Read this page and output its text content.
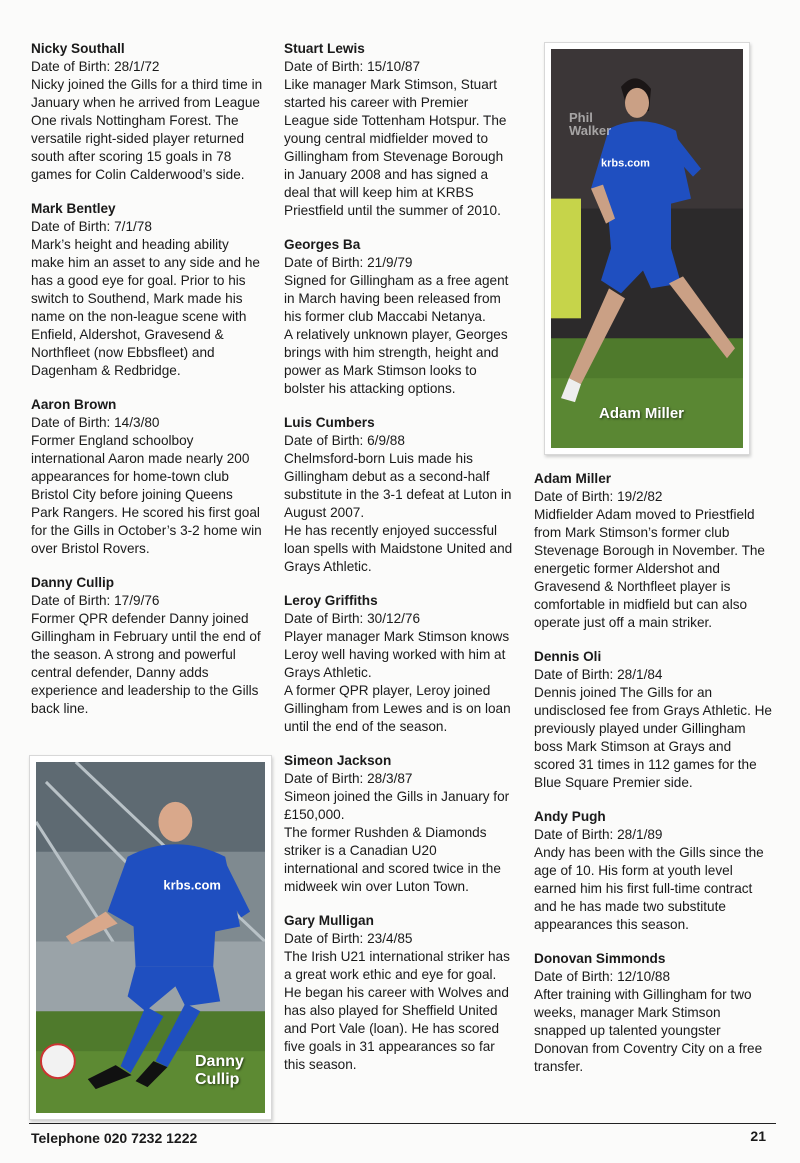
Nicky Southall
Date of Birth: 28/1/72

Nicky joined the Gills for a third time in January when he arrived from League One rivals Nottingham Forest. The versatile right-sided player returned south after scoring 15 goals in 78 games for Colin Calderwood’s side.

Mark Bentley
Date of Birth: 7/1/78

Mark’s height and heading ability make him an asset to any side and he has a good eye for goal. Prior to his switch to Southend, Mark made his name on the non-league scene with Enfield, Aldershot, Gravesend & Northfleet (now Ebbsfleet) and Dagenham & Redbridge.

Aaron Brown
Date of Birth: 14/3/80

Former England schoolboy international Aaron made nearly 200 appearances for home-town club Bristol City before joining Queens Park Rangers. He scored his first goal for the Gills in October’s 3-2 home win over Bristol Rovers.

Danny Cullip
Date of Birth: 17/9/76

Former QPR defender Danny joined Gillingham in February until the end of the season. A strong and powerful central defender, Danny adds experience and leadership to the Gills back line.

Stuart Lewis
Date of Birth: 15/10/87

Like manager Mark Stimson, Stuart started his career with Premier League side Tottenham Hotspur. The young central midfielder moved to Gillingham from Stevenage Borough in January 2008 and has signed a deal that will keep him at KRBS Priestfield until the summer of 2010.

Georges Ba
Date of Birth: 21/9/79

Signed for Gillingham as a free agent in March having been released from his former club Maccabi Netanya.

A relatively unknown player, Georges brings with him strength, height and power as Mark Stimson looks to bolster his attacking options.

Luis Cumbers
Date of Birth: 6/9/88

Chelmsford-born Luis made his Gillingham debut as a second-half substitute in the 3-1 defeat at Luton in August 2007.

He has recently enjoyed successful loan spells with Maidstone United and Grays Athletic.

Leroy Griffiths
Date of Birth: 30/12/76

Player manager Mark Stimson knows Leroy well having worked with him at Grays Athletic.

A former QPR player, Leroy joined Gillingham from Lewes and is on loan until the end of the season.

Simeon Jackson
Date of Birth: 28/3/87

Simeon joined the Gills in January for £150,000.

The former Rushden & Diamonds striker is a Canadian U20 international and scored twice in the midweek win over Luton Town.

Gary Mulligan
Date of Birth: 23/4/85

The Irish U21 international striker has a great work ethic and eye for goal. He began his career with Wolves and has also played for Sheffield United and Port Vale (loan). He has scored five goals in 31 appearances so far this season.

Adam Miller
Date of Birth: 19/2/82

Midfielder Adam moved to Priestfield from Mark Stimson’s former club Stevenage Borough in November. The energetic former Aldershot and Gravesend & Northfleet player is comfortable in midfield but can also operate just off a main striker.

Dennis Oli
Date of Birth: 28/1/84

Dennis joined The Gills for an undisclosed fee from Grays Athletic. He previously played under Gillingham boss Mark Stimson at Grays and scored 31 times in 112 games for the Blue Square Premier side.

Andy Pugh
Date of Birth: 28/1/89

Andy has been with the Gills since the age of 10. His form at youth level earned him his first full-time contract and he has made two substitute appearances this season.

Donovan Simmonds
Date of Birth: 12/10/88

After training with Gillingham for two weeks, manager Mark Stimson snapped up talented youngster Donovan from Coventry City on a free transfer.

krbs.com
Danny
Cullip
krbs.com
Phil
Walker
Adam Miller
Telephone 020 7232 1222	21
